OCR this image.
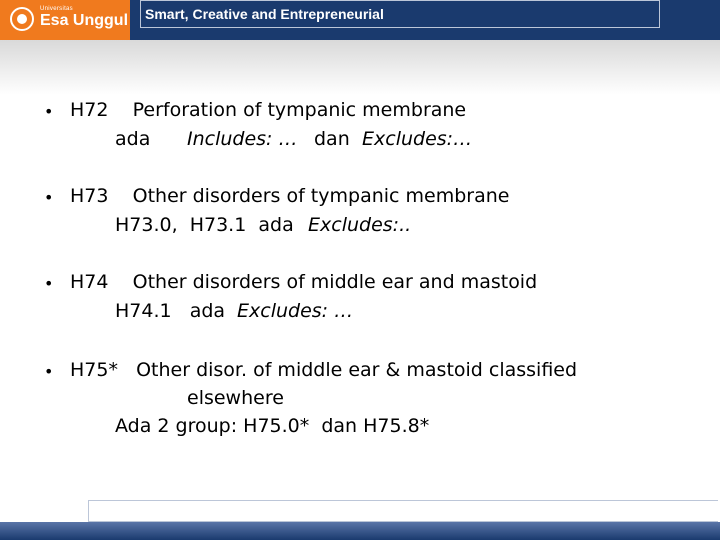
Universitas
Esa Unggul Smart, Creative and Entrepreneurial
• H72    Perforation of tympanic membrane
ada Includes: … dan Excludes:…
• H73    Other disorders of tympanic membrane
H73.0,  H73.1  ada Excludes:..
• H74    Other disorders of middle ear and mastoid
H74.1   ada Excludes: …
• H75*   Other disor. of middle ear & mastoid classified
elsewhere
Ada 2 group: H75.0*  dan H75.8*
